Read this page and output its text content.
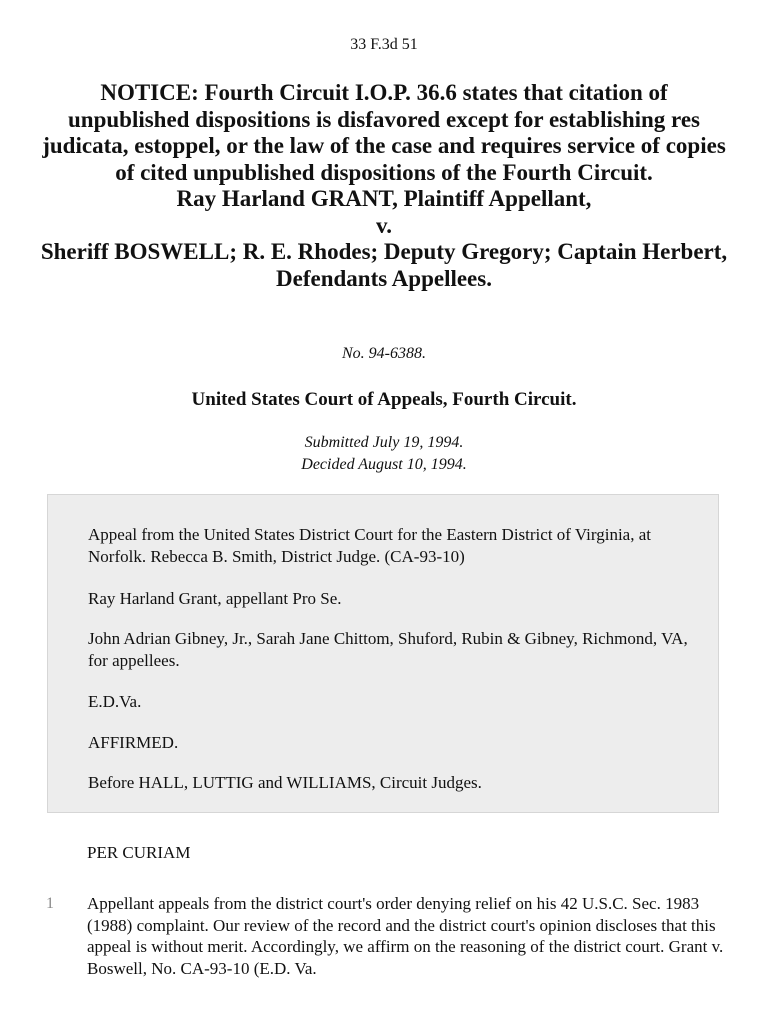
33 F.3d 51
NOTICE: Fourth Circuit I.O.P. 36.6 states that citation of unpublished dispositions is disfavored except for establishing res judicata, estoppel, or the law of the case and requires service of copies of cited unpublished dispositions of the Fourth Circuit.
Ray Harland GRANT, Plaintiff Appellant,
v.
Sheriff BOSWELL; R. E. Rhodes; Deputy Gregory; Captain Herbert, Defendants Appellees.
No. 94-6388.
United States Court of Appeals, Fourth Circuit.
Submitted July 19, 1994.
Decided August 10, 1994.

Appeal from the United States District Court for the Eastern District of Virginia, at Norfolk. Rebecca B. Smith, District Judge. (CA-93-10)

Ray Harland Grant, appellant Pro Se.

John Adrian Gibney, Jr., Sarah Jane Chittom, Shuford, Rubin & Gibney, Richmond, VA, for appellees.

E.D.Va.

AFFIRMED.

Before HALL, LUTTIG and WILLIAMS, Circuit Judges.

PER CURIAM
1 Appellant appeals from the district court's order denying relief on his 42 U.S.C. Sec. 1983 (1988) complaint. Our review of the record and the district court's opinion discloses that this appeal is without merit. Accordingly, we affirm on the reasoning of the district court. Grant v. Boswell, No. CA-93-10 (E.D. Va.
